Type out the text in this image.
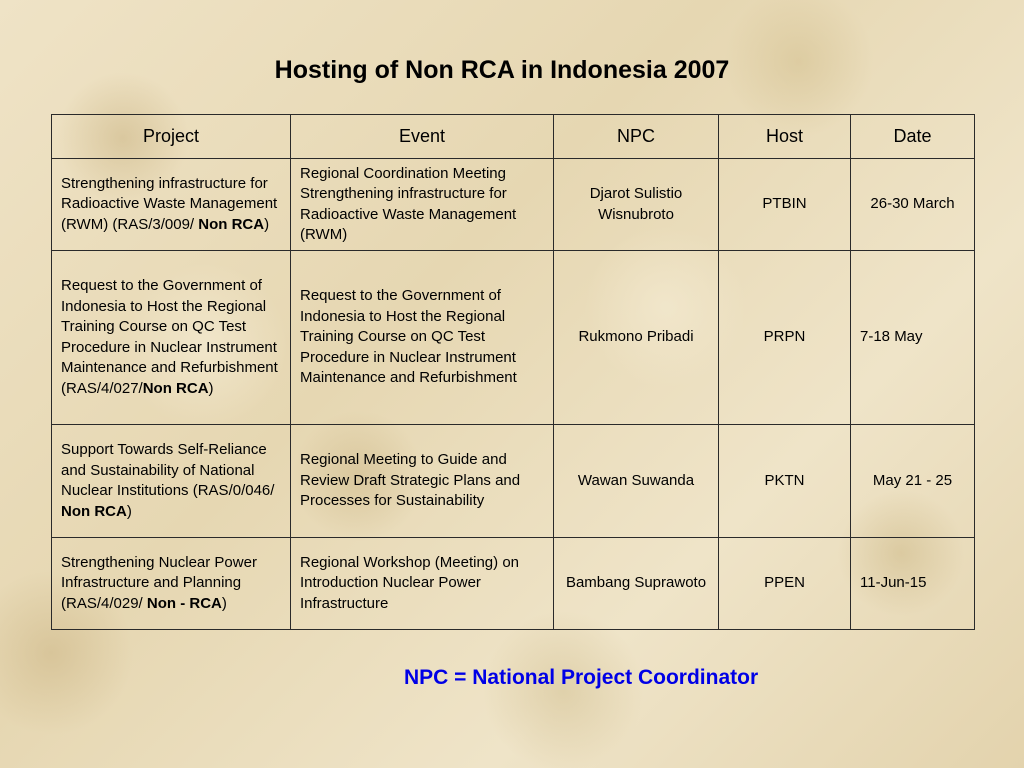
Hosting of Non RCA in Indonesia 2007
Project	Event	NPC	Host	Date
Strengthening infrastructure for Radioactive Waste Management (RWM) (RAS/3/009/ Non RCA)	Regional Coordination Meeting Strengthening infrastructure for Radioactive Waste Management (RWM)	Djarot Sulistio Wisnubroto	PTBIN	26-30 March
Request to the Government of Indonesia to Host the Regional Training Course on QC Test Procedure in Nuclear Instrument Maintenance and Refurbishment (RAS/4/027/Non RCA)	Request to the Government of Indonesia to Host the Regional Training Course on QC Test Procedure in Nuclear Instrument Maintenance and Refurbishment	Rukmono Pribadi	PRPN	7-18 May
Support Towards Self-Reliance and Sustainability of National Nuclear Institutions (RAS/0/046/ Non RCA)	Regional Meeting to Guide and Review Draft Strategic Plans and Processes for Sustainability	Wawan Suwanda	PKTN	May 21 - 25
Strengthening Nuclear Power Infrastructure and Planning (RAS/4/029/ Non - RCA)	Regional Workshop (Meeting) on Introduction Nuclear Power Infrastructure	Bambang Suprawoto	PPEN	11-Jun-15
NPC = National Project Coordinator
